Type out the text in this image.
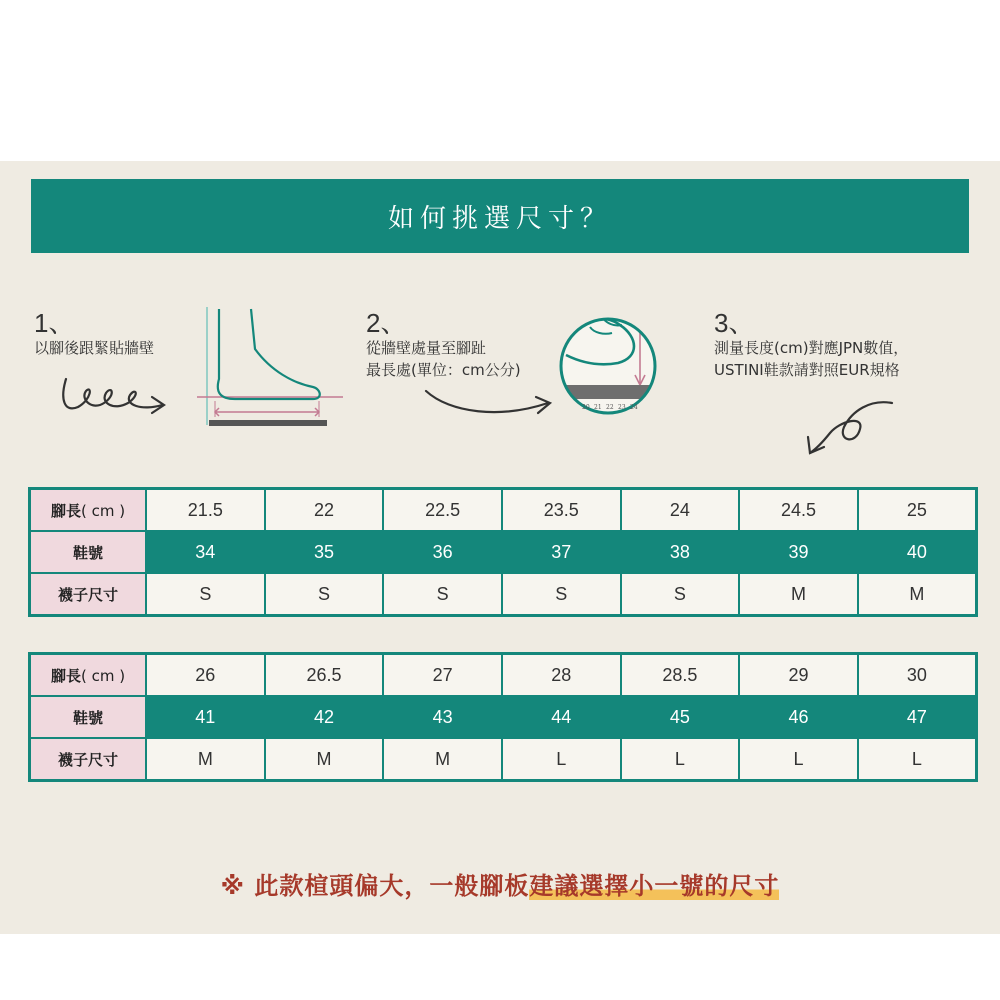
如何挑選尺寸？
1、
以腳後跟緊貼牆壁
2、
從牆壁處量至腳趾
最長處(單位：cm公分)
20 21 22 23 24
3、
測量長度(cm)對應JPN數值，
USTINI鞋款請對照EUR規格
腳長( cm )	21.5	22	22.5	23.5	24	24.5	25
鞋號	34	35	36	37	38	39	40
襪子尺寸	S	S	S	S	S	M	M
腳長( cm )	26	26.5	27	28	28.5	29	30
鞋號	41	42	43	44	45	46	47
襪子尺寸	M	M	M	L	L	L	L
※ 此款楦頭偏大，一般腳板建議選擇小一號的尺寸
